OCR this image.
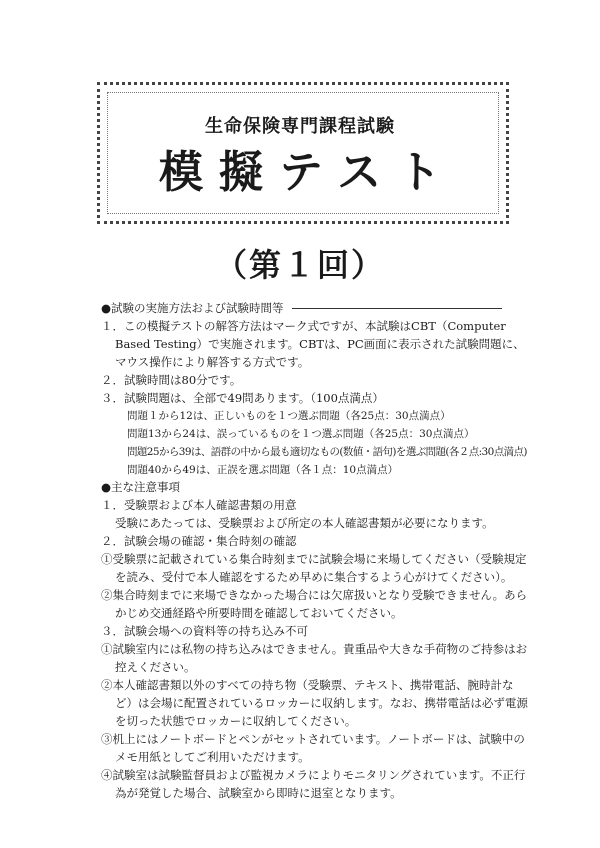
生命保険専門課程試験
模擬テスト
（第１回）
●試験の実施方法および試験時間等
１．この模擬テストの解答方法はマーク式ですが、本試験はCBT（Computer
Based Testing）で実施されます。CBTは、PC画面に表示された試験問題に、
マウス操作により解答する方式です。
２．試験時間は80分です。
３．試験問題は、全部で49問あります。（100点満点）
問題１から12は、正しいものを１つ選ぶ問題（各25点：30点満点）
問題13から24は、誤っているものを１つ選ぶ問題（各25点：30点満点）
問題25から39は、語群の中から最も適切なもの(数値・語句)を選ぶ問題(各２点:30点満点)
問題40から49は、正誤を選ぶ問題（各１点：10点満点）
●主な注意事項
１．受験票および本人確認書類の用意
受験にあたっては、受験票および所定の本人確認書類が必要になります。
２．試験会場の確認・集合時刻の確認
①受験票に記載されている集合時刻までに試験会場に来場してください（受験規定
を読み、受付で本人確認をするため早めに集合するよう心がけてください）。
②集合時刻までに来場できなかった場合には欠席扱いとなり受験できません。あら
かじめ交通経路や所要時間を確認しておいてください。
３．試験会場への資料等の持ち込み不可
①試験室内には私物の持ち込みはできません。貴重品や大きな手荷物のご持参はお
控えください。
②本人確認書類以外のすべての持ち物（受験票、テキスト、携帯電話、腕時計な
ど）は会場に配置されているロッカーに収納します。なお、携帯電話は必ず電源
を切った状態でロッカーに収納してください。
③机上にはノートボードとペンがセットされています。ノートボードは、試験中の
メモ用紙としてご利用いただけます。
④試験室は試験監督員および監視カメラによりモニタリングされています。不正行
為が発覚した場合、試験室から即時に退室となります。
